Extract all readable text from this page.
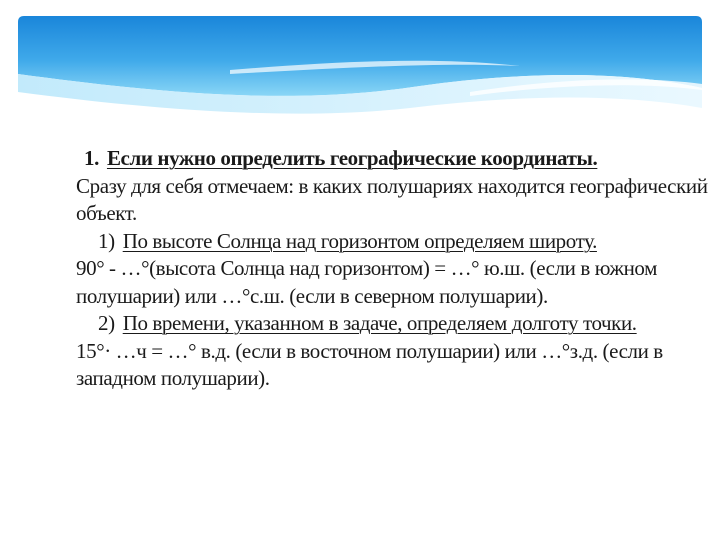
1. Если нужно определить географические координаты.

Сразу для себя отмечаем: в каких полушариях находится географический

объект.

1) По высоте Солнца над горизонтом определяем широту.

90° - …°(высота Солнца над горизонтом) = …° ю.ш. (если в южном

полушарии) или …°с.ш. (если в северном полушарии).

2) По времени, указанном в задаче, определяем долготу точки.

15°· …ч = …° в.д. (если в восточном полушарии) или …°з.д. (если в

западном полушарии).
